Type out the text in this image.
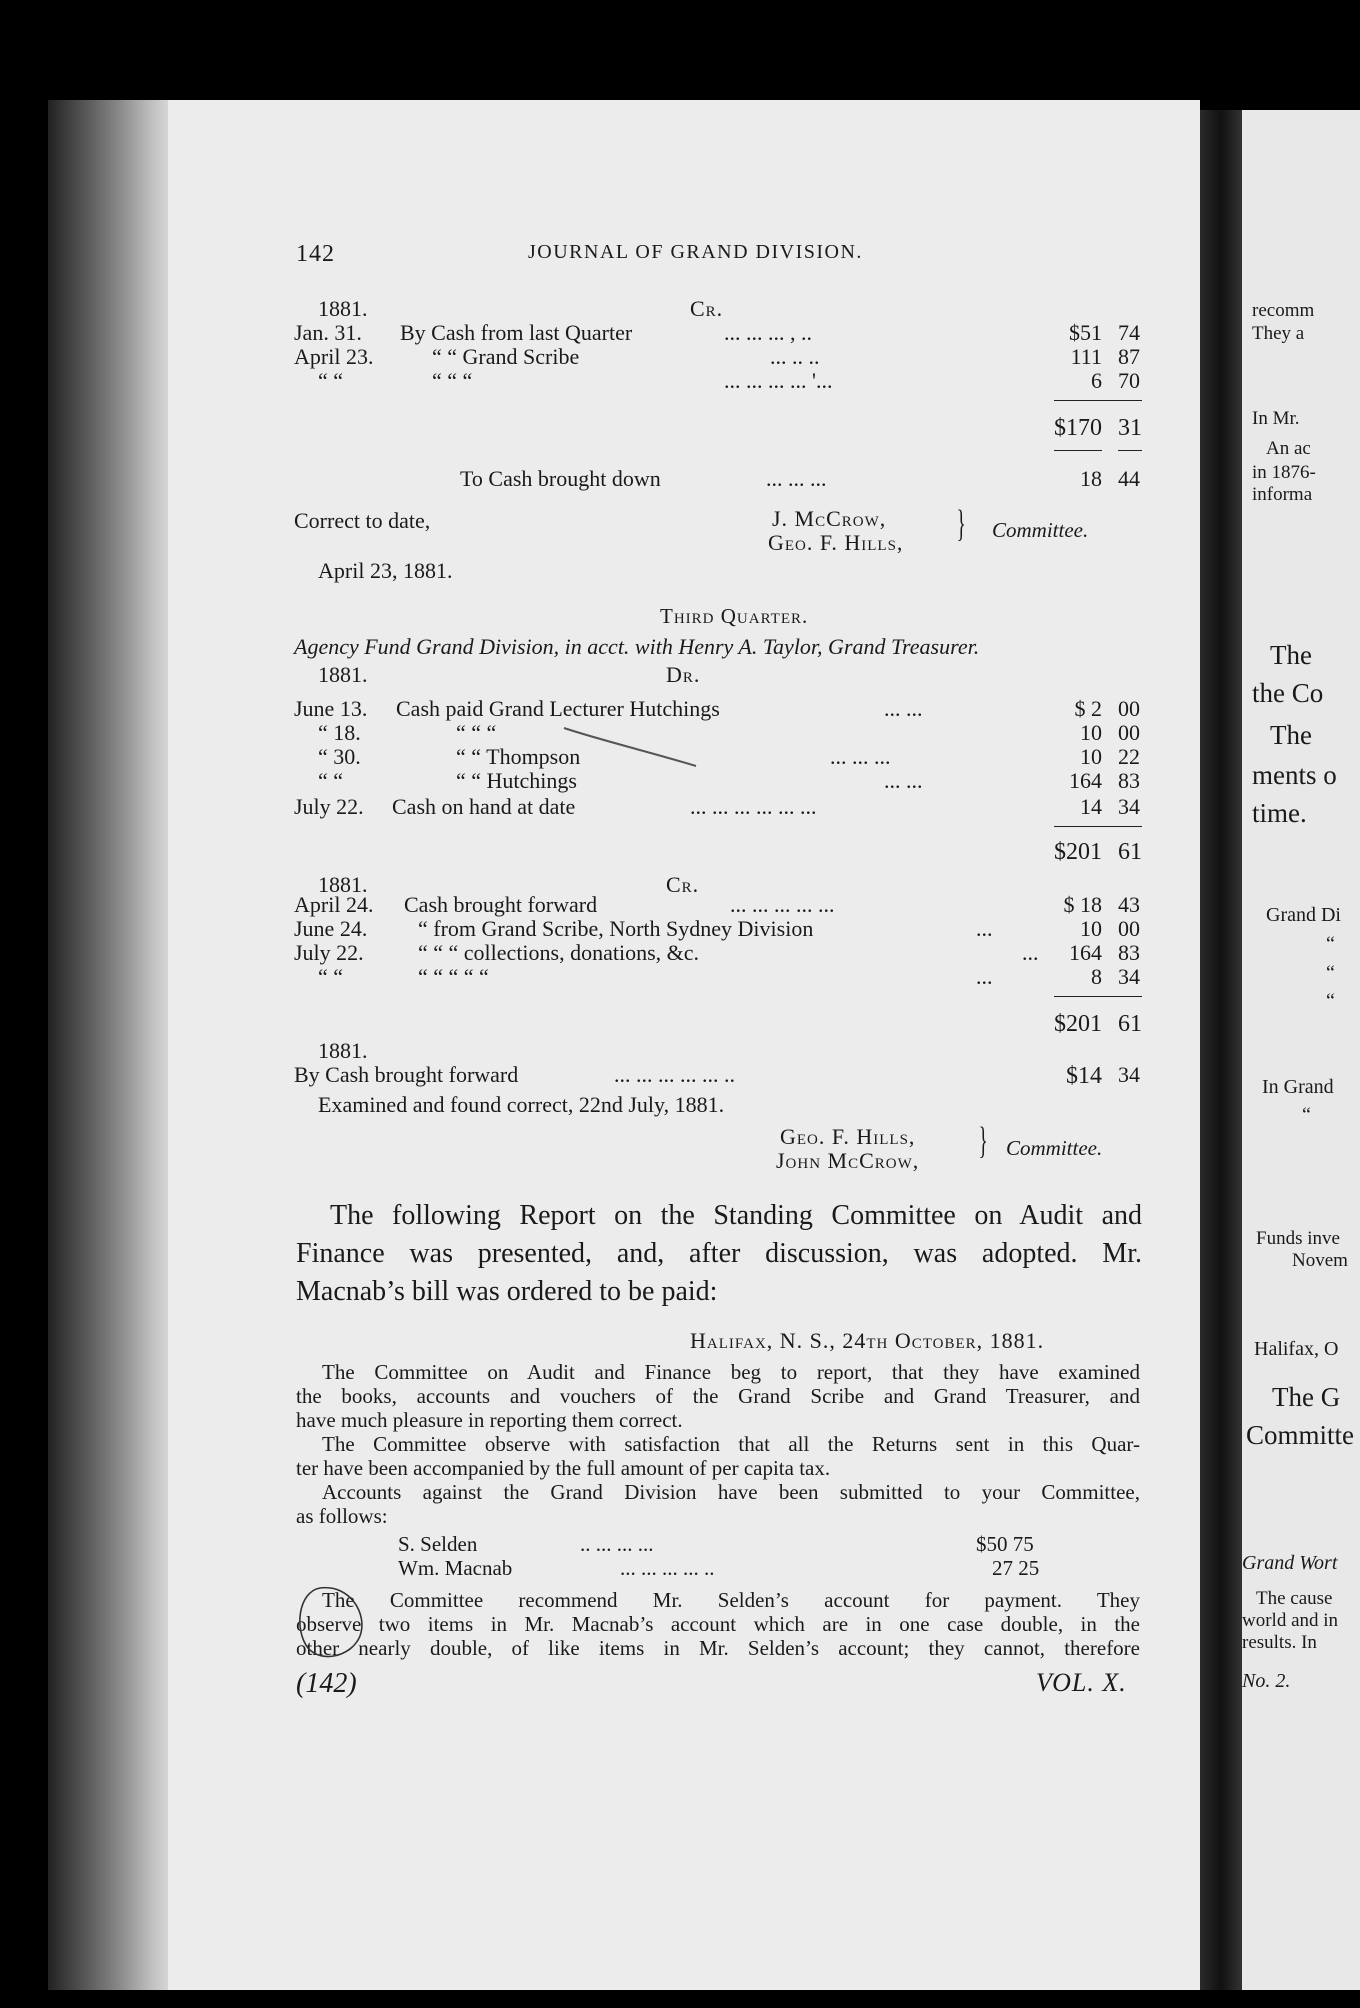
recomm
They a
In Mr.
An ac
in 1876-
informa
The
the Co
The
ments o
time.
Grand Di
“
“
“
In Grand
“
Funds inve
Novem
Halifax, O
The G
Committe
Grand Wort
The cause
world and in
results. In
No. 2.
142	JOURNAL OF GRAND DIVISION.
1881.	Cr.
Jan. 31. By Cash from last Quarter	... ... ... , ..	$51 74
April 23.	“ “ Grand Scribe	... .. ..	111 87
“ “	“ “ “	... ... ... ... '...	6 70
$170 31
To Cash brought down	... ... ...	18 44
Correct to date,	J. McCrow,
Geo. F. Hills, } Committee.
April 23, 1881.
Third Quarter.
Agency Fund Grand Division, in acct. with Henry A. Taylor, Grand Treasurer.
1881.	Dr.
June 13. Cash paid Grand Lecturer Hutchings	... ...	$ 2 00
“ 18.	“ “ “	10 00
“ 30.	“ “ Thompson	... ... ...	10 22
“ “	“ “ Hutchings	... ...	164 83
July 22. Cash on hand at date	... ... ... ... ... ...	14 34
$201 61
1881.	Cr.
April 24. Cash brought forward	... ... ... ... ...	$ 18 43
June 24. “ from Grand Scribe, North Sydney Division	...	10 00
July 22. “ “ “ collections, donations, &c.	...	164 83
“ “	“ “ “ “ “	...	8 34
$201 61
1881.
By Cash brought forward	... ... ... ... ... ..	$14 34
Examined and found correct, 22nd July, 1881.
Geo. F. Hills,
John McCrow, } Committee.
The following Report on the Standing Committee on Audit and
Finance was presented, and, after discussion, was adopted. Mr.
Macnab’s bill was ordered to be paid:
Halifax, N. S., 24th October, 1881.
The Committee on Audit and Finance beg to report, that they have examined
the books, accounts and vouchers of the Grand Scribe and Grand Treasurer, and
have much pleasure in reporting them correct.
The Committee observe with satisfaction that all the Returns sent in this Quar-
ter have been accompanied by the full amount of per capita tax.
Accounts against the Grand Division have been submitted to your Committee,
as follows:
S. Selden	.. ... ... ...	$50 75
Wm. Macnab	... ... ... ... ..	27 25
The Committee recommend Mr. Selden’s account for payment. They
observe two items in Mr. Macnab’s account which are in one case double, in the
other nearly double, of like items in Mr. Selden’s account; they cannot, therefore
(142)	VOL. X.
